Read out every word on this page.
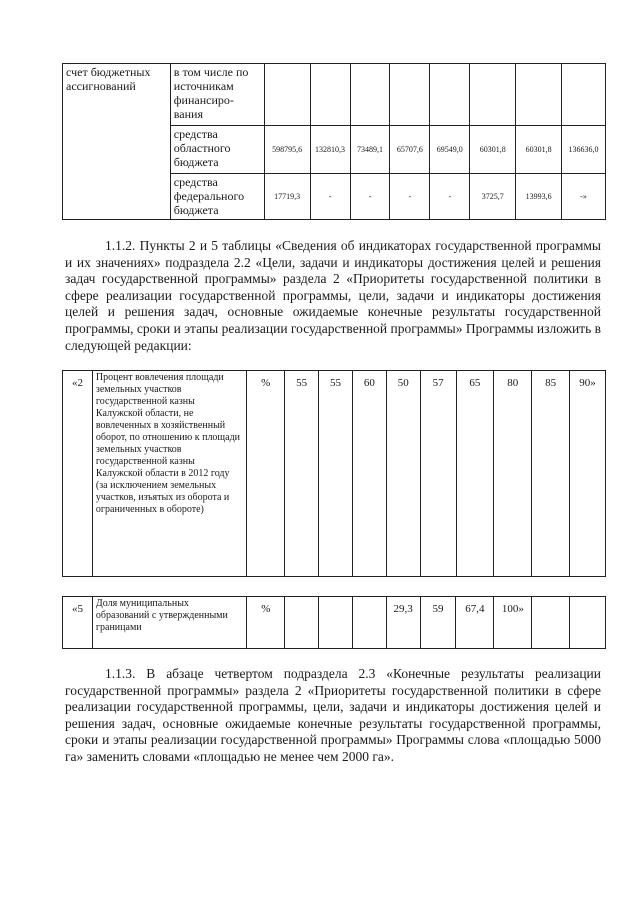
счет бюджетных ассигнований	в том числе по источникам финансиро-вания								
	средства областного бюджета	598795,6	132810,3	73489,1	65707,6	69549,0	60301,8	60301,8	136636,0
	средства федерального бюджета	17719,3	-	-	-	-	3725,7	13993,6	-»

1.1.2. Пункты 2 и 5 таблицы «Сведения об индикаторах государственной программы и их значениях» подраздела 2.2 «Цели, задачи и индикаторы достижения целей и решения задач государственной программы» раздела 2 «Приоритеты государственной политики в сфере реализации государственной программы, цели, задачи и индикаторы достижения целей и решения задач, основные ожидаемые конечные результаты государственной программы, сроки и этапы реализации государственной программы» Программы изложить в следующей редакции:

«2	Процент вовлечения площади земельных участков государственной казны Калужской области, не вовлеченных в хозяйственный оборот, по отношению к площади земельных участков государственной казны Калужской области в 2012 году (за исключением земельных участков, изъятых из оборота и ограниченных в обороте)	%	55	55	60	50	57	65	80	85	90»
«5	Доля муниципальных образований с утвержденными границами	%				29,3	59	67,4	100»		

1.1.3. В абзаце четвертом подраздела 2.3 «Конечные результаты реализации государственной программы» раздела 2 «Приоритеты государственной политики в сфере реализации государственной программы, цели, задачи и индикаторы достижения целей и решения задач, основные ожидаемые конечные результаты государственной программы, сроки и этапы реализации государственной программы» Программы слова «площадью 5000 га» заменить словами «площадью не менее чем 2000 га».
